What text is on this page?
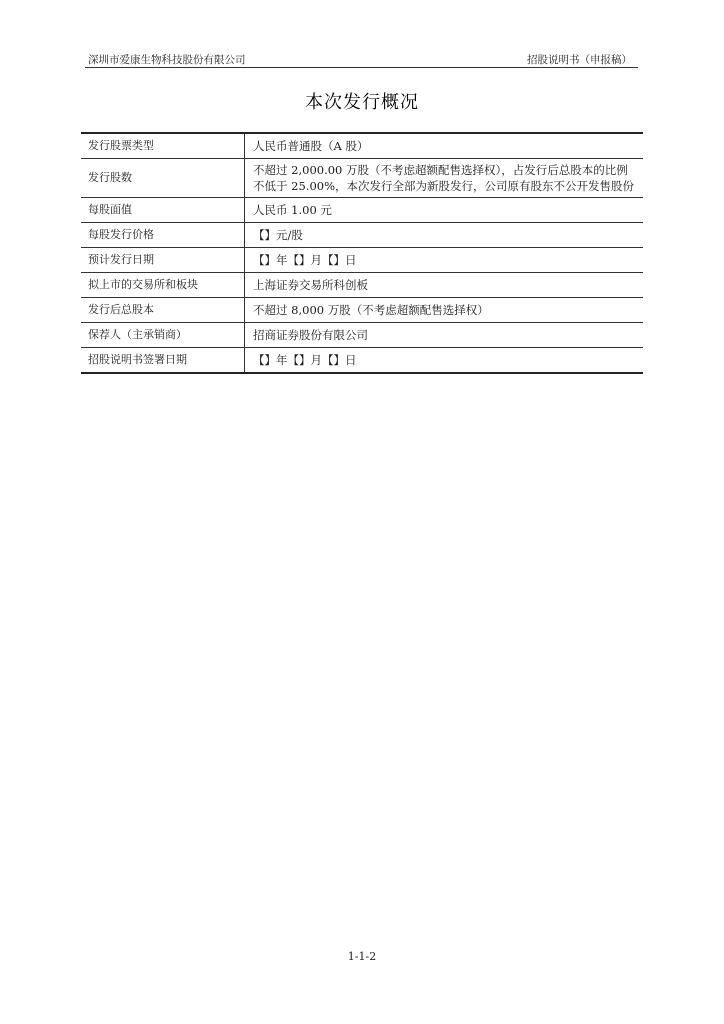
深圳市爱康生物科技股份有限公司	招股说明书（申报稿）
本次发行概况
发行股票类型	人民币普通股（A 股）
发行股数	不超过 2,000.00 万股（不考虑超额配售选择权），占发行后总股本的比例不低于 25.00%，本次发行全部为新股发行，公司原有股东不公开发售股份
每股面值	人民币 1.00 元
每股发行价格	【】元/股
预计发行日期	【】年【】月【】日
拟上市的交易所和板块	上海证券交易所科创板
发行后总股本	不超过 8,000 万股（不考虑超额配售选择权）
保荐人（主承销商）	招商证券股份有限公司
招股说明书签署日期	【】年【】月【】日
1-1-2
